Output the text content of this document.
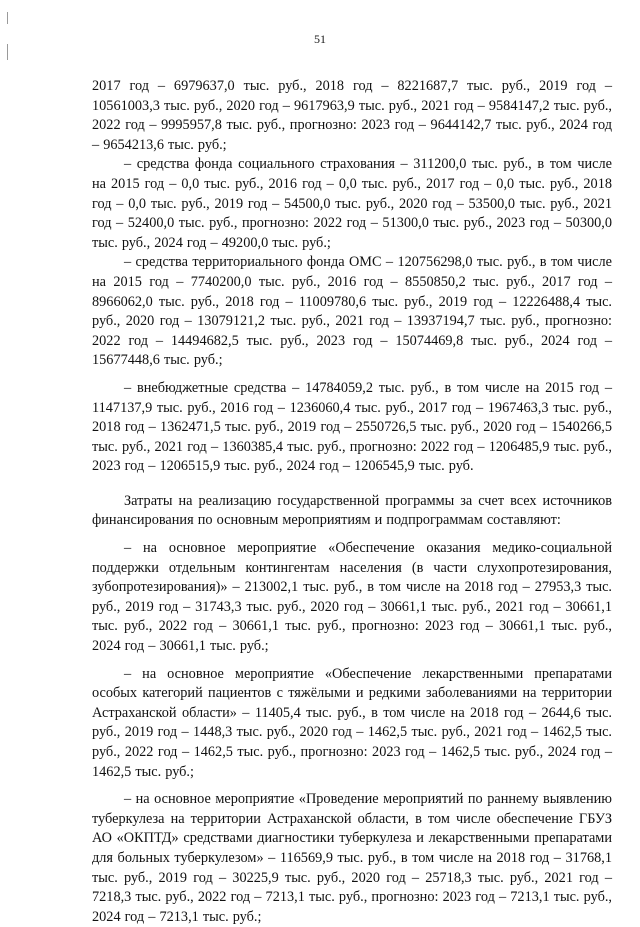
51

2017 год – 6979637,0 тыс. руб., 2018 год – 8221687,7 тыс. руб., 2019 год – 10561003,3 тыс. руб., 2020 год – 9617963,9 тыс. руб., 2021 год – 9584147,2 тыс. руб., 2022 год – 9995957,8 тыс. руб., прогнозно: 2023 год – 9644142,7 тыс. руб., 2024 год – 9654213,6 тыс. руб.;

– средства фонда социального страхования – 311200,0 тыс. руб., в том числе на 2015 год – 0,0 тыс. руб., 2016 год – 0,0 тыс. руб., 2017 год – 0,0 тыс. руб., 2018 год – 0,0 тыс. руб., 2019 год – 54500,0 тыс. руб., 2020 год – 53500,0 тыс. руб., 2021 год – 52400,0 тыс. руб., прогнозно: 2022 год – 51300,0 тыс. руб., 2023 год – 50300,0 тыс. руб., 2024 год – 49200,0 тыс. руб.;

– средства территориального фонда ОМС – 120756298,0 тыс. руб., в том числе на 2015 год – 7740200,0 тыс. руб., 2016 год – 8550850,2 тыс. руб., 2017 год – 8966062,0 тыс. руб., 2018 год – 11009780,6 тыс. руб., 2019 год – 12226488,4 тыс. руб., 2020 год – 13079121,2 тыс. руб., 2021 год – 13937194,7 тыс. руб., прогнозно: 2022 год – 14494682,5 тыс. руб., 2023 год – 15074469,8 тыс. руб., 2024 год – 15677448,6 тыс. руб.;

– внебюджетные средства – 14784059,2 тыс. руб., в том числе на 2015 год – 1147137,9 тыс. руб., 2016 год – 1236060,4 тыс. руб., 2017 год – 1967463,3 тыс. руб., 2018 год – 1362471,5 тыс. руб., 2019 год – 2550726,5 тыс. руб., 2020 год – 1540266,5 тыс. руб., 2021 год – 1360385,4 тыс. руб., прогнозно: 2022 год – 1206485,9 тыс. руб., 2023 год – 1206515,9 тыс. руб., 2024 год – 1206545,9 тыс. руб.

Затраты на реализацию государственной программы за счет всех источников финансирования по основным мероприятиям и подпрограммам составляют:

– на основное мероприятие «Обеспечение оказания медико-социальной поддержки отдельным контингентам населения (в части слухопротезирования, зубопротезирования)» – 213002,1 тыс. руб., в том числе на 2018 год – 27953,3 тыс. руб., 2019 год – 31743,3 тыс. руб., 2020 год – 30661,1 тыс. руб., 2021 год – 30661,1 тыс. руб., 2022 год – 30661,1 тыс. руб., прогнозно: 2023 год – 30661,1 тыс. руб., 2024 год – 30661,1 тыс. руб.;

– на основное мероприятие «Обеспечение лекарственными препаратами особых категорий пациентов с тяжёлыми и редкими заболеваниями на территории Астраханской области» – 11405,4 тыс. руб., в том числе на 2018 год – 2644,6 тыс. руб., 2019 год – 1448,3 тыс. руб., 2020 год – 1462,5 тыс. руб., 2021 год – 1462,5 тыс. руб., 2022 год – 1462,5 тыс. руб., прогнозно: 2023 год – 1462,5 тыс. руб., 2024 год – 1462,5 тыс. руб.;

– на основное мероприятие «Проведение мероприятий по раннему выявлению туберкулеза на территории Астраханской области, в том числе обеспечение ГБУЗ АО «ОКПТД» средствами диагностики туберкулеза и лекарственными препаратами для больных туберкулезом» – 116569,9 тыс. руб., в том числе на 2018 год – 31768,1 тыс. руб., 2019 год – 30225,9 тыс. руб., 2020 год – 25718,3 тыс. руб., 2021 год – 7218,3 тыс. руб., 2022 год – 7213,1 тыс. руб., прогнозно: 2023 год – 7213,1 тыс. руб., 2024 год – 7213,1 тыс. руб.;
